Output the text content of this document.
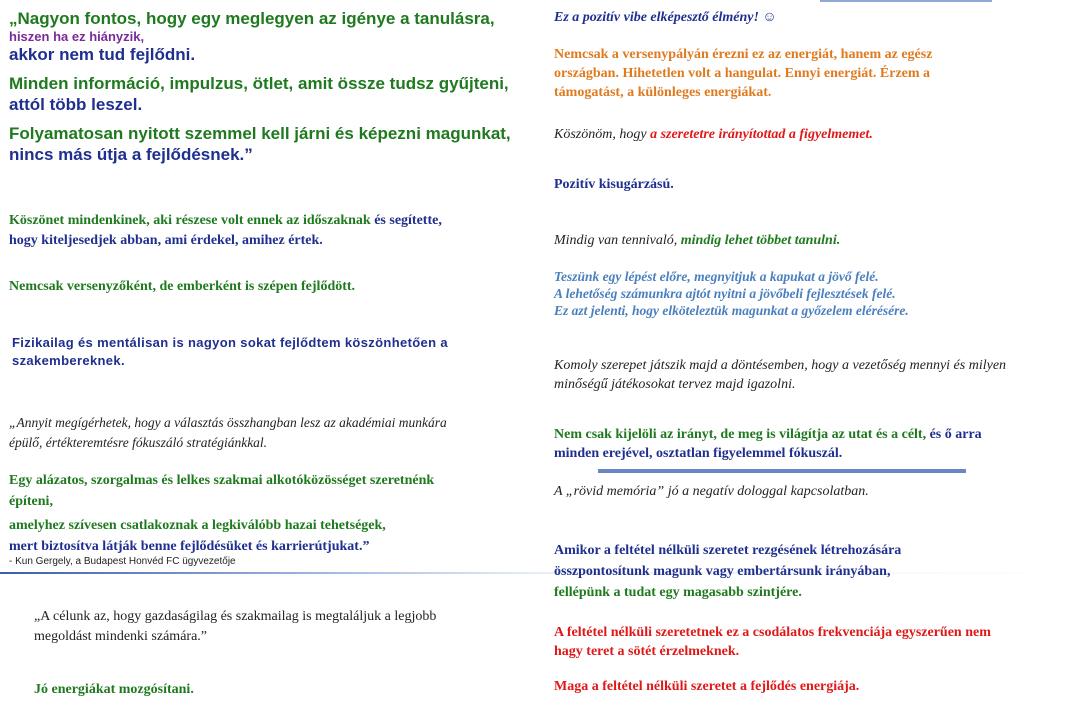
„Nagyon fontos, hogy egy meglegyen az igénye a tanulásra,
hiszen ha ez hiányzik,
akkor nem tud fejlődni.
Minden információ, impulzus, ötlet, amit össze tudsz gyűjteni,
attól több leszel.
Folyamatosan nyitott szemmel kell járni és képezni magunkat,
nincs más útja a fejlődésnek.”
Köszönet mindenkinek, aki részese volt ennek az időszaknak és segítette,
hogy kiteljesedjek abban, ami érdekel, amihez értek.
Nemcsak versenyzőként, de emberként is szépen fejlődött.
Fizikailag és mentálisan is nagyon sokat fejlődtem köszönhetően a
szakembereknek.
„Annyit megígérhetek, hogy a választás összhangban lesz az akadémiai munkára
épülő, értékteremtésre fókuszáló stratégiánkkal.
Egy alázatos, szorgalmas és lelkes szakmai alkotóközösséget szeretnénk
építeni,
amelyhez szívesen csatlakoznak a legkiválóbb hazai tehetségek,
mert biztosítva látják benne fejlődésüket és karrierútjukat.”
- Kun Gergely, a Budapest Honvéd FC ügyvezetője
„A célunk az, hogy gazdaságilag és szakmailag is megtaláljuk a legjobb
megoldást mindenki számára.”
Jó energiákat mozgósítani.
Ez a pozitív vibe elképesztő élmény! ☺
Nemcsak a versenypályán érezni ez az energiát, hanem az egész
országban. Hihetetlen volt a hangulat. Ennyi energiát. Érzem a
támogatást, a különleges energiákat.
Köszönöm, hogy a szeretetre irányítottad a figyelmemet.
Pozitív kisugárzású.
Mindig van tennivaló, mindig lehet többet tanulni.
Teszünk egy lépést előre, megnyitjuk a kapukat a jövő felé.
A lehetőség számunkra ajtót nyitni a jövőbeli fejlesztések felé.
Ez azt jelenti, hogy elköteleztük magunkat a győzelem elérésére.
Komoly szerepet játszik majd a döntésemben, hogy a vezetőség mennyi és milyen
minőségű játékosokat tervez majd igazolni.
Nem csak kijelöli az irányt, de meg is világítja az utat és a célt, és ő arra
minden erejével, osztatlan figyelemmel fókuszál.
A „rövid memória” jó a negatív dologgal kapcsolatban.
Amikor a feltétel nélküli szeretet rezgésének létrehozására
összpontosítunk magunk vagy embertársunk irányában,
fellépünk a tudat egy magasabb szintjére.
A feltétel nélküli szeretetnek ez a csodálatos frekvenciája egyszerűen nem
hagy teret a sötét érzelmeknek.
Maga a feltétel nélküli szeretet a fejlődés energiája.
